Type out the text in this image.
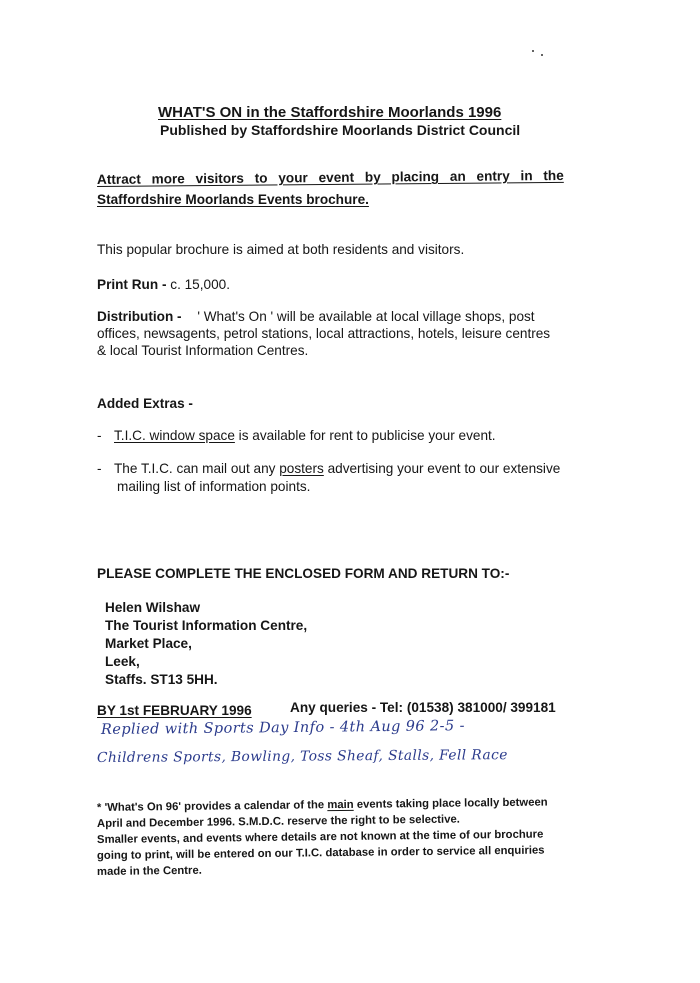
WHAT'S ON in the Staffordshire Moorlands 1996
Published by Staffordshire Moorlands District Council
Attract more visitors to your event by placing an entry in the
Staffordshire Moorlands Events brochure.
This popular brochure is aimed at both residents and visitors.
Print Run - c. 15,000.
Distribution - ' What's On ' will be available at local village shops, post
offices, newsagents, petrol stations, local attractions, hotels, leisure centres
& local Tourist Information Centres.
Added Extras -
- T.I.C. window space is available for rent to publicise your event.
- The T.I.C. can mail out any posters advertising your event to our extensive
mailing list of information points.
PLEASE COMPLETE THE ENCLOSED FORM AND RETURN TO:-
Helen Wilshaw
The Tourist Information Centre,
Market Place,
Leek,
Staffs. ST13 5HH.
BY 1st FEBRUARY 1996	Any queries - Tel: (01538) 381000/ 399181
Replied with Sports Day Info - 4th Aug 96 2-5 -
Childrens Sports, Bowling, Toss Sheaf, Stalls, Fell Race
* 'What's On 96' provides a calendar of the main events taking place locally between
April and December 1996. S.M.D.C. reserve the right to be selective.
Smaller events, and events where details are not known at the time of our brochure
going to print, will be entered on our T.I.C. database in order to service all enquiries
made in the Centre.
